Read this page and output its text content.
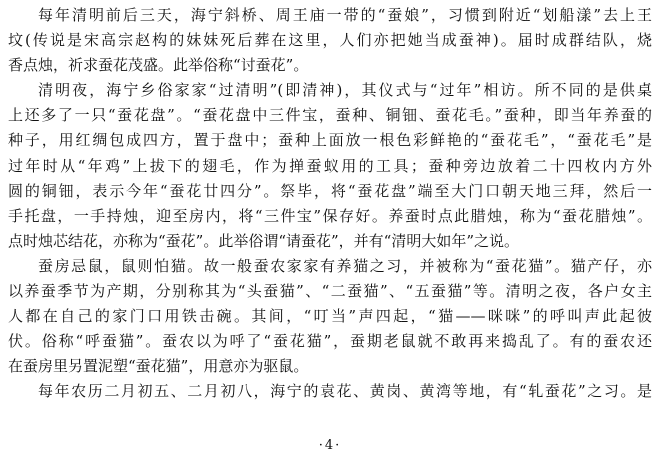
每年清明前后三天，海宁斜桥、周王庙一带的“蚕娘”，习惯到附近“划船漾”去上王
坟(传说是宋高宗赵构的妹妹死后葬在这里，人们亦把她当成蚕神)。届时成群结队，烧
香点烛，祈求蚕花茂盛。此举俗称“讨蚕花”。
清明夜，海宁乡俗家家“过清明”(即清神)，其仪式与“过年”相访。所不同的是供桌
上还多了一只“蚕花盘”。“蚕花盘中三件宝，蚕种、铜钿、蚕花毛。”蚕种，即当年养蚕的
种子，用红绸包成四方，置于盘中；蚕种上面放一根色彩鲜艳的“蚕花毛”，“蚕花毛”是
过年时从“年鸡”上拔下的翅毛，作为掸蚕蚁用的工具；蚕种旁边放着二十四枚内方外
圆的铜钿，表示今年“蚕花廿四分”。祭毕，将“蚕花盘”端至大门口朝天地三拜，然后一
手托盘，一手持烛，迎至房内，将“三件宝”保存好。养蚕时点此腊烛，称为“蚕花腊烛”。
点时烛芯结花，亦称为“蚕花”。此举俗谓“请蚕花”，并有“清明大如年”之说。
蚕房忌鼠，鼠则怕猫。故一般蚕农家家有养猫之习，并被称为“蚕花猫”。猫产仔，亦
以养蚕季节为产期，分别称其为“头蚕猫”、“二蚕猫”、“五蚕猫”等。清明之夜，各户女主
人都在自己的家门口用铁击碗。其间，“叮当”声四起，“猫——咪咪”的呼叫声此起彼
伏。俗称“呼蚕猫”。蚕农以为呼了“蚕花猫”，蚕期老鼠就不敢再来捣乱了。有的蚕农还
在蚕房里另置泥塑“蚕花猫”，用意亦为驱鼠。
每年农历二月初五、二月初八，海宁的袁花、黄岗、黄湾等地，有“轧蚕花”之习。是
·4·
